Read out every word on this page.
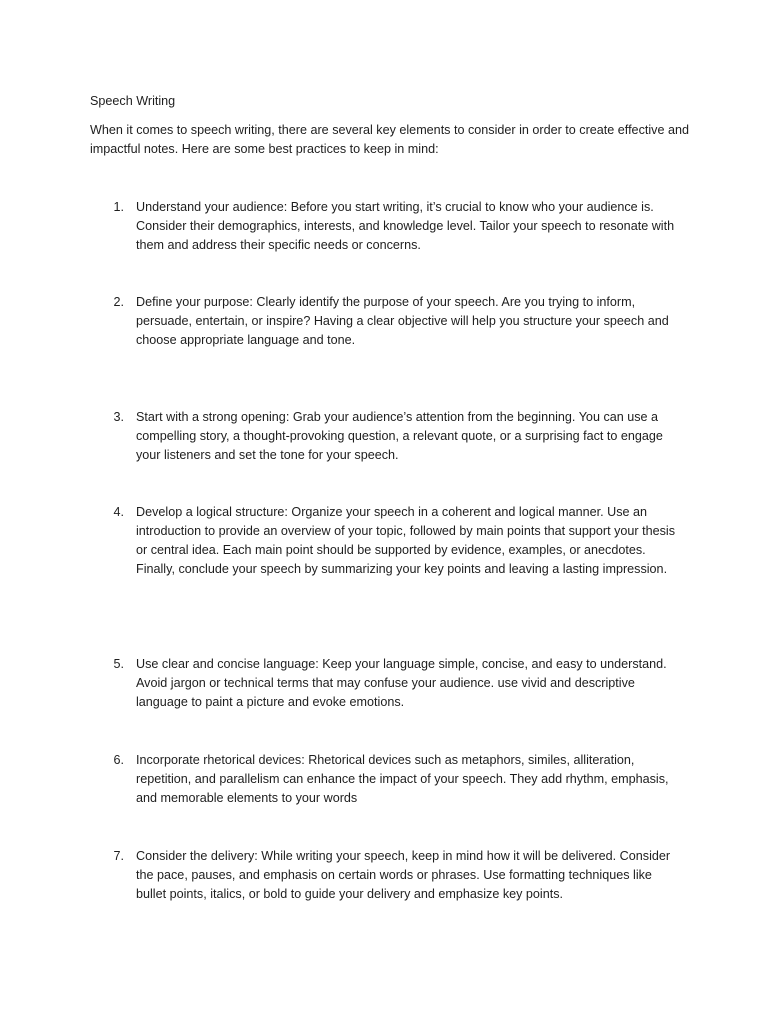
Speech Writing

When it comes to speech writing, there are several key elements to consider in order to create effective and impactful notes. Here are some best practices to keep in mind:

1. Understand your audience: Before you start writing, it’s crucial to know who your audience is. Consider their demographics, interests, and knowledge level. Tailor your speech to resonate with them and address their specific needs or concerns.

2. Define your purpose: Clearly identify the purpose of your speech. Are you trying to inform, persuade, entertain, or inspire? Having a clear objective will help you structure your speech and choose appropriate language and tone.

3. Start with a strong opening: Grab your audience’s attention from the beginning. You can use a compelling story, a thought-provoking question, a relevant quote, or a surprising fact to engage your listeners and set the tone for your speech.

4. Develop a logical structure: Organize your speech in a coherent and logical manner. Use an introduction to provide an overview of your topic, followed by main points that support your thesis or central idea. Each main point should be supported by evidence, examples, or anecdotes. Finally, conclude your speech by summarizing your key points and leaving a lasting impression.

5. Use clear and concise language: Keep your language simple, concise, and easy to understand. Avoid jargon or technical terms that may confuse your audience. use vivid and descriptive language to paint a picture and evoke emotions.

6. Incorporate rhetorical devices: Rhetorical devices such as metaphors, similes, alliteration, repetition, and parallelism can enhance the impact of your speech. They add rhythm, emphasis, and memorable elements to your words

7. Consider the delivery: While writing your speech, keep in mind how it will be delivered. Consider the pace, pauses, and emphasis on certain words or phrases. Use formatting techniques like bullet points, italics, or bold to guide your delivery and emphasize key points.
